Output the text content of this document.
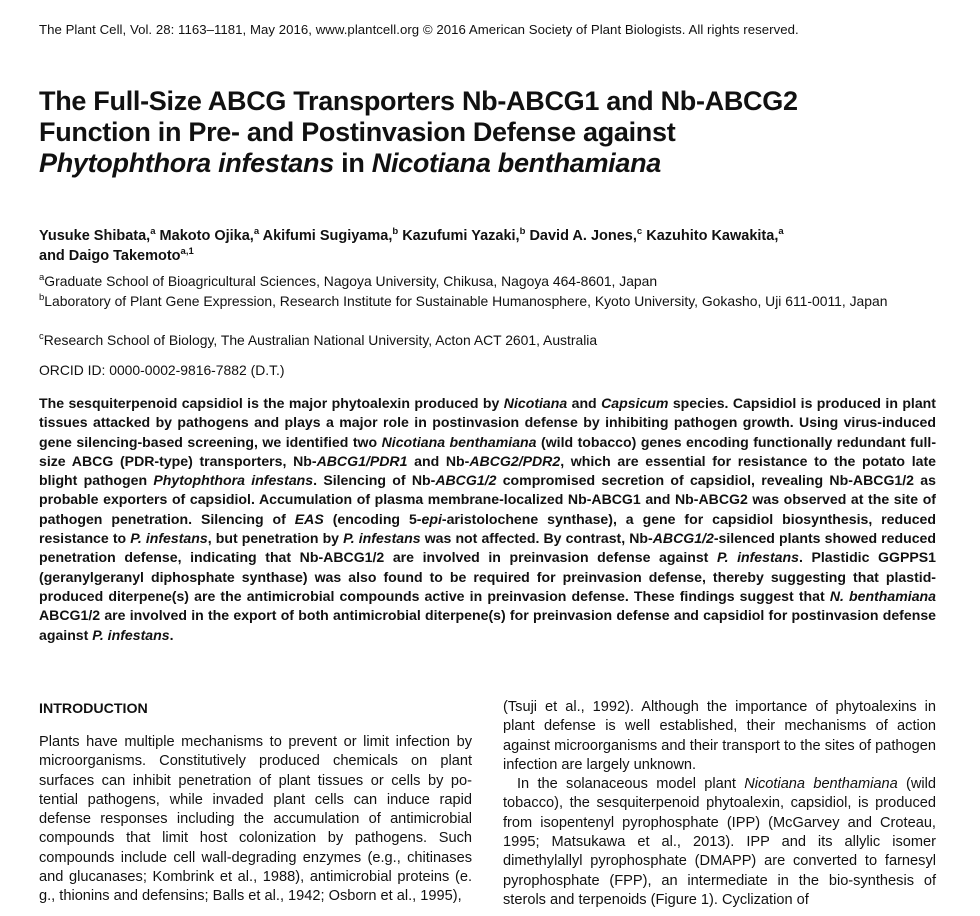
The Plant Cell, Vol. 28: 1163–1181, May 2016, www.plantcell.org © 2016 American Society of Plant Biologists. All rights reserved.
The Full-Size ABCG Transporters Nb-ABCG1 and Nb-ABCG2
Function in Pre- and Postinvasion Defense against
Phytophthora infestans in Nicotiana benthamiana
Yusuke Shibata,$^a$ Makoto Ojika,$^a$ Akifumi Sugiyama,$^b$ Kazufumi Yazaki,$^b$ David A. Jones,$^c$ Kazuhito Kawakita,$^a$
and Daigo Takemoto$^{a,1}$
$^a$Graduate School of Bioagricultural Sciences, Nagoya University, Chikusa, Nagoya 464-8601, Japan
$^b$Laboratory of Plant Gene Expression, Research Institute for Sustainable Humanosphere, Kyoto University, Gokasho, Uji 611-0011, Japan
$^c$Research School of Biology, The Australian National University, Acton ACT 2601, Australia
ORCID ID: 0000-0002-9816-7882 (D.T.)
The sesquiterpenoid capsidiol is the major phytoalexin produced by Nicotiana and Capsicum species. Capsidiol is produced in plant tissues attacked by pathogens and plays a major role in postinvasion defense by inhibiting pathogen growth. Using virus-induced gene silencing-based screening, we identified two Nicotiana benthamiana (wild tobacco) genes encoding functionally redundant full-size ABCG (PDR-type) transporters, Nb-ABCG1/PDR1 and Nb-ABCG2/PDR2, which are essential for resistance to the potato late blight pathogen Phytophthora infestans. Silencing of Nb-ABCG1/2 compromised secretion of capsidiol, revealing Nb-ABCG1/2 as probable exporters of capsidiol. Accumulation of plasma membrane-localized Nb-ABCG1 and Nb-ABCG2 was observed at the site of pathogen penetration. Silencing of EAS (encoding 5-epi-aristolochene synthase), a gene for capsidiol biosynthesis, reduced resistance to P. infestans, but penetration by P. infestans was not affected. By contrast, Nb-ABCG1/2-silenced plants showed reduced penetration defense, indicating that Nb-ABCG1/2 are involved in preinvasion defense against P. infestans. Plastidic GGPPS1 (geranylgeranyl diphosphate synthase) was also found to be required for preinvasion defense, thereby suggesting that plastid-produced diterpene(s) are the antimicrobial compounds active in preinvasion defense. These findings suggest that N. benthamiana ABCG1/2 are involved in the export of both antimicrobial diterpene(s) for preinvasion defense and capsidiol for postinvasion defense against P. infestans.
INTRODUCTION

Plants have multiple mechanisms to prevent or limit infection by microorganisms. Constitutively produced chemicals on plant surfaces can inhibit penetration of plant tissues or cells by po-tential pathogens, while invaded plant cells can induce rapid defense responses including the accumulation of antimicrobial compounds that limit host colonization by pathogens. Such compounds include cell wall-degrading enzymes (e.g., chitinases and glucanases; Kombrink et al., 1988), antimicrobial proteins (e. g., thionins and defensins; Balls et al., 1942; Osborn et al., 1995),

(Tsuji et al., 1992). Although the importance of phytoalexins in plant defense is well established, their mechanisms of action against microorganisms and their transport to the sites of pathogen infection are largely unknown.

In the solanaceous model plant Nicotiana benthamiana (wild tobacco), the sesquiterpenoid phytoalexin, capsidiol, is produced from isopentenyl pyrophosphate (IPP) (McGarvey and Croteau, 1995; Matsukawa et al., 2013). IPP and its allylic isomer dimethylallyl pyrophosphate (DMAPP) are converted to farnesyl pyrophosphate (FPP), an intermediate in the bio-synthesis of sterols and terpenoids (Figure 1). Cyclization of
